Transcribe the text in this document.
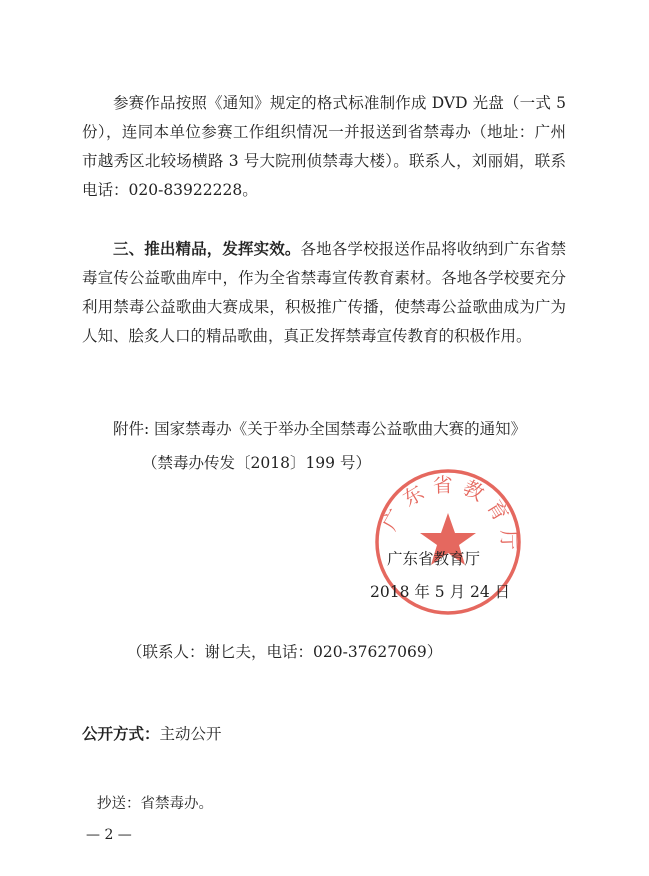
参赛作品按照《通知》规定的格式标准制作成 DVD 光盘（一式 5 份），连同本单位参赛工作组织情况一并报送到省禁毒办（地址：广州市越秀区北较场横路 3 号大院刑侦禁毒大楼）。联系人，刘丽娟，联系电话：020-83922228。

三、推出精品，发挥实效。各地各学校报送作品将收纳到广东省禁毒宣传公益歌曲库中，作为全省禁毒宣传教育素材。各地各学校要充分利用禁毒公益歌曲大赛成果，积极推广传播，使禁毒公益歌曲成为广为人知、脍炙人口的精品歌曲，真正发挥禁毒宣传教育的积极作用。

附件: 国家禁毒办《关于举办全国禁毒公益歌曲大赛的通知》
（禁毒办传发〔2018〕199 号）
广东省教育厅
广东省教育厅
2018 年 5 月 24 日
（联系人：谢匕夫，电话：020-37627069）
公开方式：主动公开
抄送：省禁毒办。
— 2 —
